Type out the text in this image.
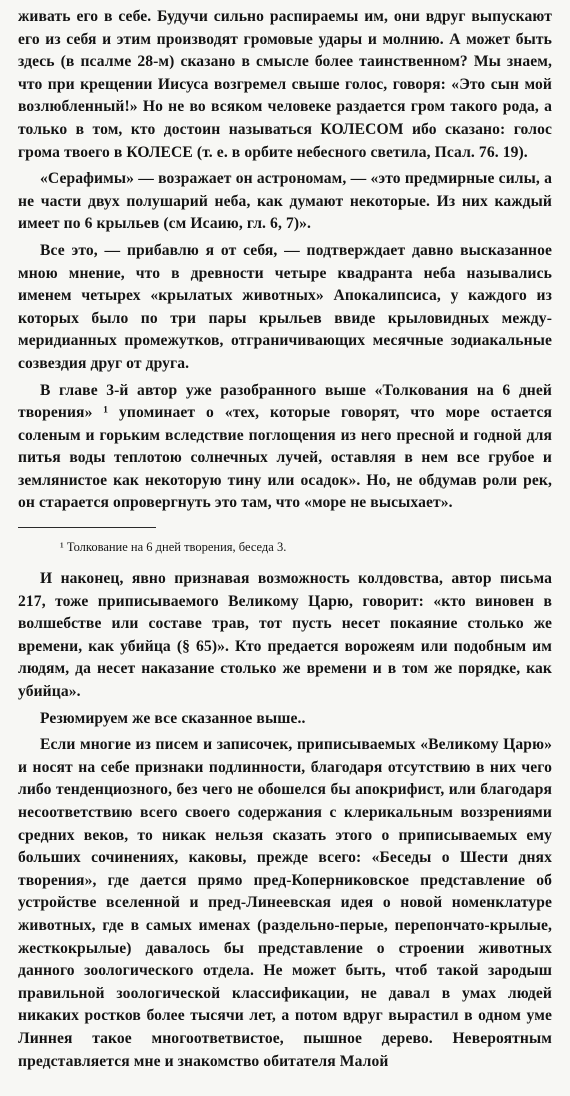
живать его в себе. Будучи сильно распираемы им, они вдруг выпускают его из себя и этим производят громовые удары и молнию. А может быть здесь (в псалме 28-м) сказано в смысле более таинственном? Мы знаем, что при крещении Иисуса возгремел свыше голос, говоря: «Это сын мой возлюбленный!» Но не во всяком человеке раздается гром такого рода, а только в том, кто достоин называться КОЛЕСОМ ибо сказано: голос грома твоего в КОЛЕСЕ (т. е. в орбите небесного светила, Псал. 76. 19).

«Серафимы» — возражает он астрономам, — «это предмирные силы, а не части двух полушарий неба, как думают некоторые. Из них каждый имеет по 6 крыльев (см Исаию, гл. 6, 7)».

Все это, — прибавлю я от себя, — подтверждает давно высказанное мною мнение, что в древности четыре квадранта неба назывались именем четырех «крылатых животных» Апокалипсиса, у каждого из которых было по три пары крыльев ввиде крыловидных между-меридианных промежутков, отграничивающих месячные зодиакальные созвездия друг от друга.

В главе 3-й автор уже разобранного выше «Толкования на 6 дней творения» ¹ упоминает о «тех, которые говорят, что море остается соленым и горьким вследствие поглощения из него пресной и годной для питья воды теплотою солнечных лучей, оставляя в нем все грубое и землянистое как некоторую тину или осадок». Но, не обдумав роли рек, он старается опровергнуть это там, что «море не высыхает».

¹ Толкование на 6 дней творения, беседа 3.

И наконец, явно признавая возможность колдовства, автор письма 217, тоже приписываемого Великому Царю, говорит: «кто виновен в волшебстве или составе трав, тот пусть несет покаяние столько же времени, как убийца (§ 65)». Кто предается ворожеям или подобным им людям, да несет наказание столько же времени и в том же порядке, как убийца».

Резюмируем же все сказанное выше..

Если многие из писем и записочек, приписываемых «Великому Царю» и носят на себе признаки подлинности, благодаря отсутствию в них чего либо тенденциозного, без чего не обошелся бы апокрифист, или благодаря несоответствию всего своего содержания с клерикальным воззрениями средних веков, то никак нельзя сказать этого о приписываемых ему больших сочинениях, каковы, прежде всего: «Беседы о Шести днях творения», где дается прямо пред-Коперниковское представление об устройстве вселенной и пред-Линеевская идея о новой номенклатуре животных, где в самых именах (раздельно-перые, перепончато-крылые, жесткокрылые) давалось бы представление о строении животных данного зоологического отдела. Не может быть, чтоб такой зародыш правильной зоологической классификации, не давал в умах людей никаких ростков более тысячи лет, а потом вдруг вырастил в одном уме Линнея такое многоответвистое, пышное дерево. Невероятным представляется мне и знакомство обитателя Малой
